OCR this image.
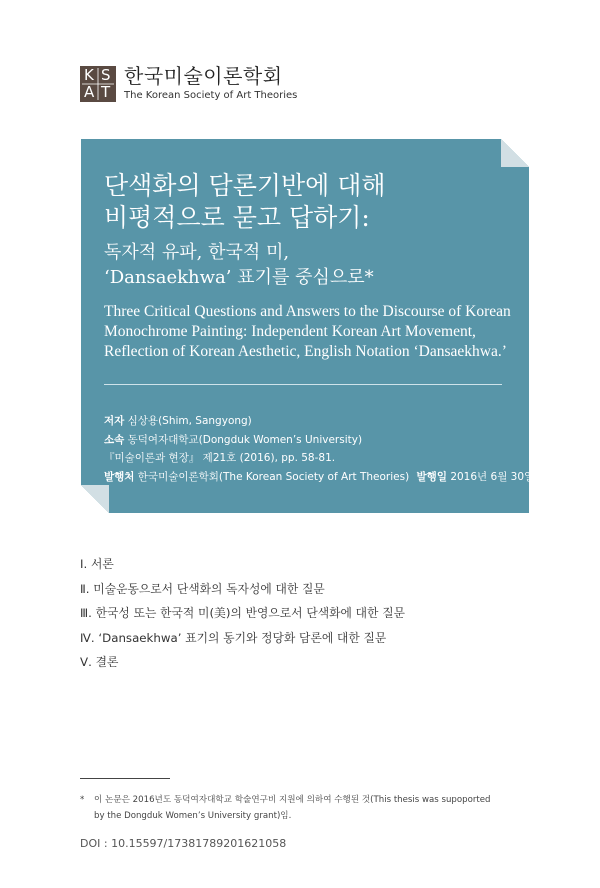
K S
A T
한국미술이론학회
The Korean Society of Art Theories
단색화의 담론기반에 대해
비평적으로 묻고 답하기:
독자적 유파, 한국적 미,
‘Dansaekhwa’ 표기를 중심으로*
Three Critical Questions and Answers to the Discourse of Korean
Monochrome Painting: Independent Korean Art Movement,
Reflection of Korean Aesthetic, English Notation ‘Dansaekhwa.’
저자 심상용(Shim, Sangyong)
소속 동덕여자대학교(Dongduk Women’s University)
『미술이론과 현장』 제21호 (2016), pp. 58-81.
발행처 한국미술이론학회(The Korean Society of Art Theories) 발행일 2016년 6월 30일
Ⅰ. 서론
Ⅱ. 미술운동으로서 단색화의 독자성에 대한 질문
Ⅲ. 한국성 또는 한국적 미(美)의 반영으로서 단색화에 대한 질문
Ⅳ. ‘Dansaekhwa’ 표기의 동기와 정당화 담론에 대한 질문
Ⅴ. 결론
* 이 논문은 2016년도 동덕여자대학교 학술연구비 지원에 의하여 수행된 것(This thesis was supoported
by the Dongduk Women’s University grant)임.
DOI : 10.15597/17381789201621058
